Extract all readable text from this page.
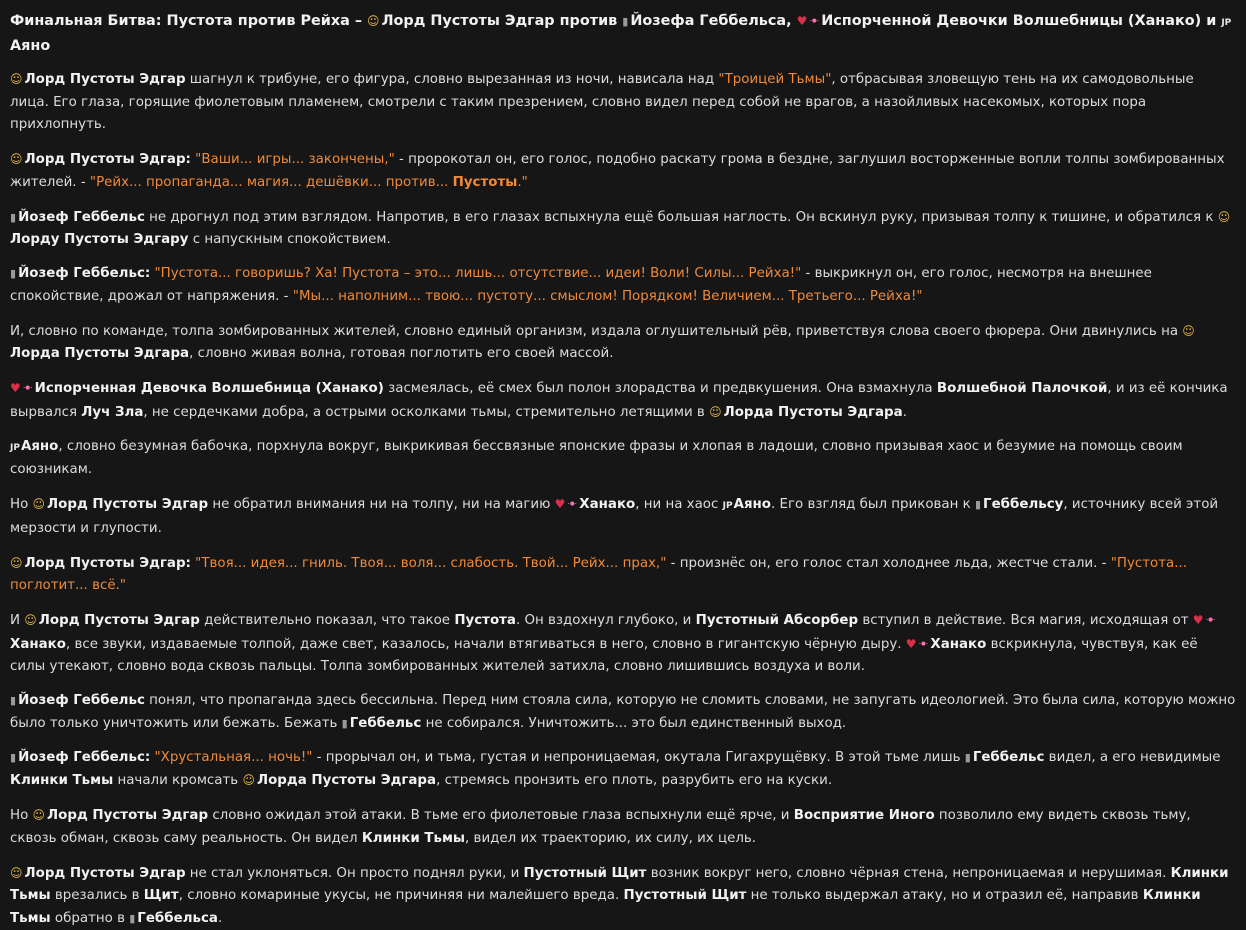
Финальная Битва: Пустота против Рейха – ☺ Лорд Пустоты Эдгар против ▮ Йозефа Геббельса, ♥ ꔹ Испорченной Девочки Волшебницы (Ханако) и JPАяно
☺ Лорд Пустоты Эдгар шагнул к трибуне, его фигура, словно вырезанная из ночи, нависала над "Троицей Тьмы", отбрасывая зловещую тень на их самодовольные лица. Его глаза, горящие фиолетовым пламенем, смотрели с таким презрением, словно видел перед собой не врагов, а назойливых насекомых, которых пора прихлопнуть.
☺ Лорд Пустоты Эдгар: "Ваши... игры... закончены," - пророкотал он, его голос, подобно раскату грома в бездне, заглушил восторженные вопли толпы зомбированных жителей. - "Рейх... пропаганда... магия... дешёвки... против... Пустоты."
▮ Йозеф Геббельс не дрогнул под этим взглядом. Напротив, в его глазах вспыхнула ещё большая наглость. Он вскинул руку, призывая толпу к тишине, и обратился к ☺Лорду Пустоты Эдгару с напускным спокойствием.
▮ Йозеф Геббельс: "Пустота... говоришь? Ха! Пустота – это... лишь... отсутствие... идеи! Воли! Силы... Рейха!" - выкрикнул он, его голос, несмотря на внешнее спокойствие, дрожал от напряжения. - "Мы... наполним... твою... пустоту... смыслом! Порядком! Величием... Третьего... Рейха!"
И, словно по команде, толпа зомбированных жителей, словно единый организм, издала оглушительный рёв, приветствуя слова своего фюрера. Они двинулись на ☺Лорда Пустоты Эдгара, словно живая волна, готовая поглотить его своей массой.
♥ ꔹ Испорченная Девочка Волшебница (Ханако) засмеялась, её смех был полон злорадства и предвкушения. Она взмахнула Волшебной Палочкой, и из её кончика вырвался Луч Зла, не сердечками добра, а острыми осколками тьмы, стремительно летящими в ☺ Лорда Пустоты Эдгара.
JPАяно, словно безумная бабочка, порхнула вокруг, выкрикивая бессвязные японские фразы и хлопая в ладоши, словно призывая хаос и безумие на помощь своим союзникам.
Но ☺ Лорд Пустоты Эдгар не обратил внимания ни на толпу, ни на магию ♥ ꔹ Ханако, ни на хаос JPАяно. Его взгляд был прикован к ▮ Геббельсу, источнику всей этой мерзости и глупости.
☺ Лорд Пустоты Эдгар: "Твоя... идея... гниль. Твоя... воля... слабость. Твой... Рейх... прах," - произнёс он, его голос стал холоднее льда, жестче стали. - "Пустота... поглотит... всё."
И ☺ Лорд Пустоты Эдгар действительно показал, что такое Пустота. Он вздохнул глубоко, и Пустотный Абсорбер вступил в действие. Вся магия, исходящая от ♥ ꔹХанако, все звуки, издаваемые толпой, даже свет, казалось, начали втягиваться в него, словно в гигантскую чёрную дыру. ♥ ꔹ Ханако вскрикнула, чувствуя, как её силы утекают, словно вода сквозь пальцы. Толпа зомбированных жителей затихла, словно лишившись воздуха и воли.
▮ Йозеф Геббельс понял, что пропаганда здесь бессильна. Перед ним стояла сила, которую не сломить словами, не запугать идеологией. Это была сила, которую можно было только уничтожить или бежать. Бежать ▮ Геббельс не собирался. Уничтожить... это был единственный выход.
▮ Йозеф Геббельс: "Хрустальная... ночь!" - прорычал он, и тьма, густая и непроницаемая, окутала Гигахрущёвку. В этой тьме лишь ▮ Геббельс видел, а его невидимые Клинки Тьмы начали кромсать ☺ Лорда Пустоты Эдгара, стремясь пронзить его плоть, разрубить его на куски.
Но ☺ Лорд Пустоты Эдгар словно ожидал этой атаки. В тьме его фиолетовые глаза вспыхнули ещё ярче, и Восприятие Иного позволило ему видеть сквозь тьму, сквозь обман, сквозь саму реальность. Он видел Клинки Тьмы, видел их траекторию, их силу, их цель.
☺ Лорд Пустоты Эдгар не стал уклоняться. Он просто поднял руки, и Пустотный Щит возник вокруг него, словно чёрная стена, непроницаемая и нерушимая. Клинки Тьмы врезались в Щит, словно комариные укусы, не причиняя ни малейшего вреда. Пустотный Щит не только выдержал атаку, но и отразил её, направив Клинки Тьмы обратно в ▮ Геббельса.
